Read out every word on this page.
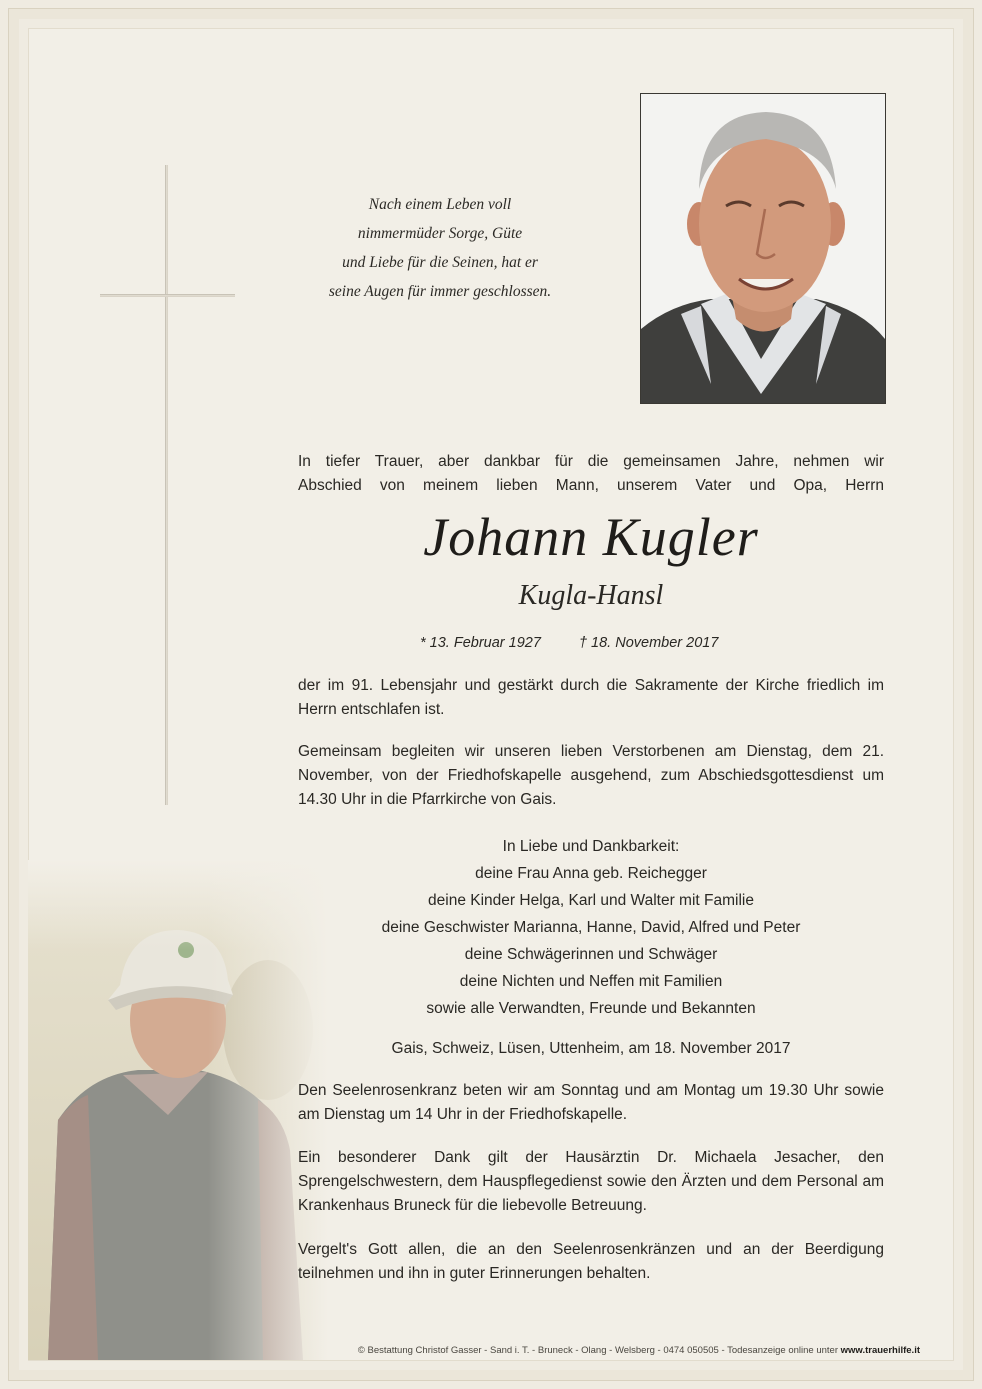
Nach einem Leben voll
nimmermüder Sorge, Güte
und Liebe für die Seinen, hat er
seine Augen für immer geschlossen.
In tiefer Trauer, aber dankbar für die gemeinsamen Jahre, nehmen wir
Abschied von meinem lieben Mann, unserem Vater und Opa, Herrn
Johann Kugler
Kugla-Hansl
* 13. Februar 1927	† 18. November 2017
der im 91. Lebensjahr und gestärkt durch die Sakramente der Kirche friedlich im Herrn entschlafen ist.
Gemeinsam begleiten wir unseren lieben Verstorbenen am Dienstag, dem 21. November, von der Friedhofskapelle ausgehend, zum Abschiedsgottesdienst um 14.30 Uhr in die Pfarrkirche von Gais.
In Liebe und Dankbarkeit:
deine Frau Anna geb. Reichegger
deine Kinder Helga, Karl und Walter mit Familie
deine Geschwister Marianna, Hanne, David, Alfred und Peter
deine Schwägerinnen und Schwäger
deine Nichten und Neffen mit Familien
sowie alle Verwandten, Freunde und Bekannten
Gais, Schweiz, Lüsen, Uttenheim, am 18. November 2017
Den Seelenrosenkranz beten wir am Sonntag und am Montag um 19.30 Uhr sowie am Dienstag um 14 Uhr in der Friedhofskapelle.
Ein besonderer Dank gilt der Hausärztin Dr. Michaela Jesacher, den Sprengelschwestern, dem Hauspflegedienst sowie den Ärzten und dem Personal am Krankenhaus Bruneck für die liebevolle Betreuung.
Vergelt's Gott allen, die an den Seelenrosenkränzen und an der Beerdigung teilnehmen und ihn in guter Erinnerungen behalten.
© Bestattung Christof Gasser - Sand i. T. - Bruneck - Olang - Welsberg - 0474 050505 - Todesanzeige online unter www.trauerhilfe.it
